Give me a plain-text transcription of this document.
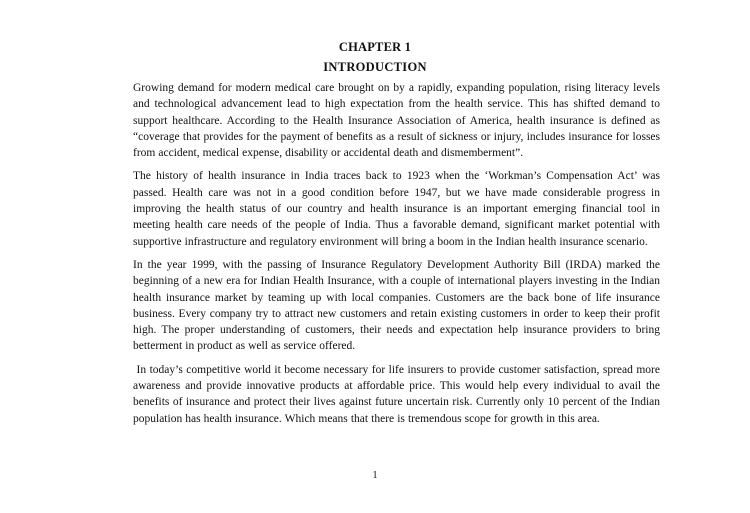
CHAPTER 1
INTRODUCTION

Growing demand for modern medical care brought on by a rapidly, expanding population, rising literacy levels and technological advancement lead to high expectation from the health service. This has shifted demand to support healthcare. According to the Health Insurance Association of America, health insurance is defined as “coverage that provides for the payment of benefits as a result of sickness or injury, includes insurance for losses from accident, medical expense, disability or accidental death and dismemberment”.

The history of health insurance in India traces back to 1923 when the ‘Workman’s Compensation Act’ was passed. Health care was not in a good condition before 1947, but we have made considerable progress in improving the health status of our country and health insurance is an important emerging financial tool in meeting health care needs of the people of India. Thus a favorable demand, significant market potential with supportive infrastructure and regulatory environment will bring a boom in the Indian health insurance scenario.

In the year 1999, with the passing of Insurance Regulatory Development Authority Bill (IRDA) marked the beginning of a new era for Indian Health Insurance, with a couple of international players investing in the Indian health insurance market by teaming up with local companies. Customers are the back bone of life insurance business. Every company try to attract new customers and retain existing customers in order to keep their profit high. The proper understanding of customers, their needs and expectation help insurance providers to bring betterment in product as well as service offered.

In today’s competitive world it become necessary for life insurers to provide customer satisfaction, spread more awareness and provide innovative products at affordable price. This would help every individual to avail the benefits of insurance and protect their lives against future uncertain risk. Currently only 10 percent of the Indian population has health insurance. Which means that there is tremendous scope for growth in this area.

1
